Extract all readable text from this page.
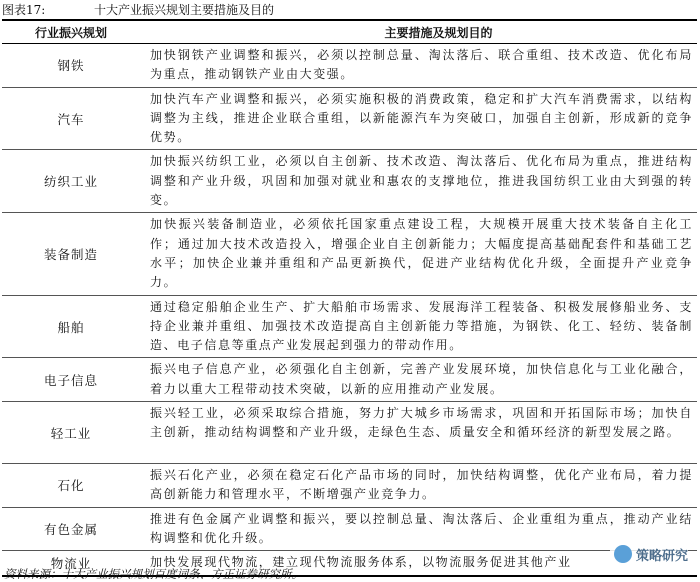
图表17:	十大产业振兴规划主要措施及目的
行业振兴规划	主要措施及规划目的
钢铁	加快钢铁产业调整和振兴，必须以控制总量、淘汰落后、联合重组、技术改造、优化布局为重点，推动钢铁产业由大变强。
汽车	加快汽车产业调整和振兴，必须实施积极的消费政策，稳定和扩大汽车消费需求，以结构调整为主线，推进企业联合重组，以新能源汽车为突破口，加强自主创新，形成新的竞争优势。
纺织工业	加快振兴纺织工业，必须以自主创新、技术改造、淘汰落后、优化布局为重点，推进结构调整和产业升级，巩固和加强对就业和惠农的支撑地位，推进我国纺织工业由大到强的转变。
装备制造	加快振兴装备制造业，必须依托国家重点建设工程，大规模开展重大技术装备自主化工作；通过加大技术改造投入，增强企业自主创新能力；大幅度提高基础配套件和基础工艺水平；加快企业兼并重组和产品更新换代，促进产业结构优化升级，全面提升产业竞争力。
船舶	通过稳定船舶企业生产、扩大船舶市场需求、发展海洋工程装备、积极发展修船业务、支持企业兼并重组、加强技术改造提高自主创新能力等措施，为钢铁、化工、轻纺、装备制造、电子信息等重点产业发展起到强力的带动作用。
电子信息	振兴电子信息产业，必须强化自主创新，完善产业发展环境，加快信息化与工业化融合，着力以重大工程带动技术突破，以新的应用推动产业发展。
轻工业	振兴轻工业，必须采取综合措施，努力扩大城乡市场需求，巩固和开拓国际市场；加快自主创新，推动结构调整和产业升级，走绿色生态、质量安全和循环经济的新型发展之路。
石化	振兴石化产业，必须在稳定石化产品市场的同时，加快结构调整，优化产业布局，着力提高创新能力和管理水平，不断增强产业竞争力。
有色金属	推进有色金属产业调整和振兴，要以控制总量、淘汰落后、企业重组为重点，推动产业结构调整和优化升级。
物流业	加快发展现代物流，建立现代物流服务体系，以物流服务促进其他产业	策略研究
资料来源：十大产业振兴规划百度词条、方正证券研究所。
